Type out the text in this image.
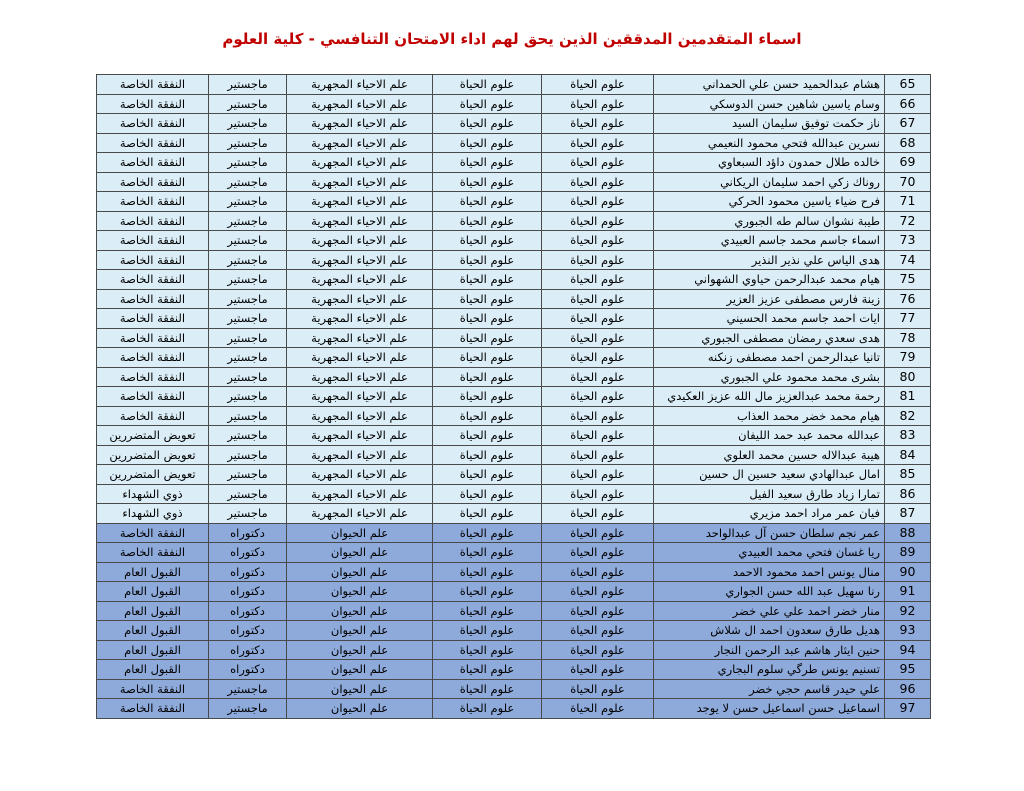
اسماء المتقدمين المدققين الذين يحق لهم اداء الامتحان التنافسي - كلية العلوم
65	هشام عبدالحميد حسن علي الحمداني	علوم الحياة	علوم الحياة	علم الاحياء المجهرية	ماجستير	النفقة الخاصة
66	وسام ياسين شاهين حسن الدوسكي	علوم الحياة	علوم الحياة	علم الاحياء المجهرية	ماجستير	النفقة الخاصة
67	ناز حكمت توفيق سليمان السيد	علوم الحياة	علوم الحياة	علم الاحياء المجهرية	ماجستير	النفقة الخاصة
68	نسرين عبدالله فتحي محمود النعيمي	علوم الحياة	علوم الحياة	علم الاحياء المجهرية	ماجستير	النفقة الخاصة
69	خالده طلال حمدون داؤد السبعاوي	علوم الحياة	علوم الحياة	علم الاحياء المجهرية	ماجستير	النفقة الخاصة
70	روناك زكي احمد سليمان الريكاني	علوم الحياة	علوم الحياة	علم الاحياء المجهرية	ماجستير	النفقة الخاصة
71	فرح ضياء ياسين محمود الحركي	علوم الحياة	علوم الحياة	علم الاحياء المجهرية	ماجستير	النفقة الخاصة
72	طيبة نشوان سالم طه الجبوري	علوم الحياة	علوم الحياة	علم الاحياء المجهرية	ماجستير	النفقة الخاصة
73	اسماء جاسم محمد جاسم العبيدي	علوم الحياة	علوم الحياة	علم الاحياء المجهرية	ماجستير	النفقة الخاصة
74	هدى الياس علي نذير النذير	علوم الحياة	علوم الحياة	علم الاحياء المجهرية	ماجستير	النفقة الخاصة
75	هيام محمد عبدالرحمن حياوي الشهواني	علوم الحياة	علوم الحياة	علم الاحياء المجهرية	ماجستير	النفقة الخاصة
76	زينة فارس مصطفى عزيز العزير	علوم الحياة	علوم الحياة	علم الاحياء المجهرية	ماجستير	النفقة الخاصة
77	ايات احمد جاسم محمد الحسيني	علوم الحياة	علوم الحياة	علم الاحياء المجهرية	ماجستير	النفقة الخاصة
78	هدى سعدي رمضان مصطفى الجبوري	علوم الحياة	علوم الحياة	علم الاحياء المجهرية	ماجستير	النفقة الخاصة
79	تانيا عبدالرحمن احمد مصطفى زنكنه	علوم الحياة	علوم الحياة	علم الاحياء المجهرية	ماجستير	النفقة الخاصة
80	بشرى محمد محمود علي الجبوري	علوم الحياة	علوم الحياة	علم الاحياء المجهرية	ماجستير	النفقة الخاصة
81	رحمة محمد عبدالعزيز مال الله عزيز العكيدي	علوم الحياة	علوم الحياة	علم الاحياء المجهرية	ماجستير	النفقة الخاصة
82	هيام محمد خضر محمد العذاب	علوم الحياة	علوم الحياة	علم الاحياء المجهرية	ماجستير	النفقة الخاصة
83	عبدالله محمد عبد حمد الليفان	علوم الحياة	علوم الحياة	علم الاحياء المجهرية	ماجستير	تعويض المتضررين
84	هيبة عبدالاله حسين محمد العلوي	علوم الحياة	علوم الحياة	علم الاحياء المجهرية	ماجستير	تعويض المتضررين
85	امال عبدالهادي سعيد حسين ال حسين	علوم الحياة	علوم الحياة	علم الاحياء المجهرية	ماجستير	تعويض المتضررين
86	تمارا زياد طارق سعيد الفيل	علوم الحياة	علوم الحياة	علم الاحياء المجهرية	ماجستير	ذوي الشهداء
87	فيان عمر مراد احمد مزيري	علوم الحياة	علوم الحياة	علم الاحياء المجهرية	ماجستير	ذوي الشهداء
88	عمر نجم سلطان حسن آل عبدالواحد	علوم الحياة	علوم الحياة	علم الحيوان	دكتوراه	النفقة الخاصة
89	ريا غسان فتحي محمد العبيدي	علوم الحياة	علوم الحياة	علم الحيوان	دكتوراه	النفقة الخاصة
90	منال يونس احمد محمود الاحمد	علوم الحياة	علوم الحياة	علم الحيوان	دكتوراه	القبول العام
91	رنا سهيل عبد الله حسن الجواري	علوم الحياة	علوم الحياة	علم الحيوان	دكتوراه	القبول العام
92	منار خضر احمد علي علي خضر	علوم الحياة	علوم الحياة	علم الحيوان	دكتوراه	القبول العام
93	هديل طارق سعدون احمد ال شلاش	علوم الحياة	علوم الحياة	علم الحيوان	دكتوراه	القبول العام
94	حنين ايثار هاشم عبد الرحمن النجار	علوم الحياة	علوم الحياة	علم الحيوان	دكتوراه	القبول العام
95	تسنيم يونس طرگي سلوم البجاري	علوم الحياة	علوم الحياة	علم الحيوان	دكتوراه	القبول العام
96	علي حيدر قاسم حجي خضر	علوم الحياة	علوم الحياة	علم الحيوان	ماجستير	النفقة الخاصة
97	اسماعيل حسن اسماعيل حسن لا يوجد	علوم الحياة	علوم الحياة	علم الحيوان	ماجستير	النفقة الخاصة
